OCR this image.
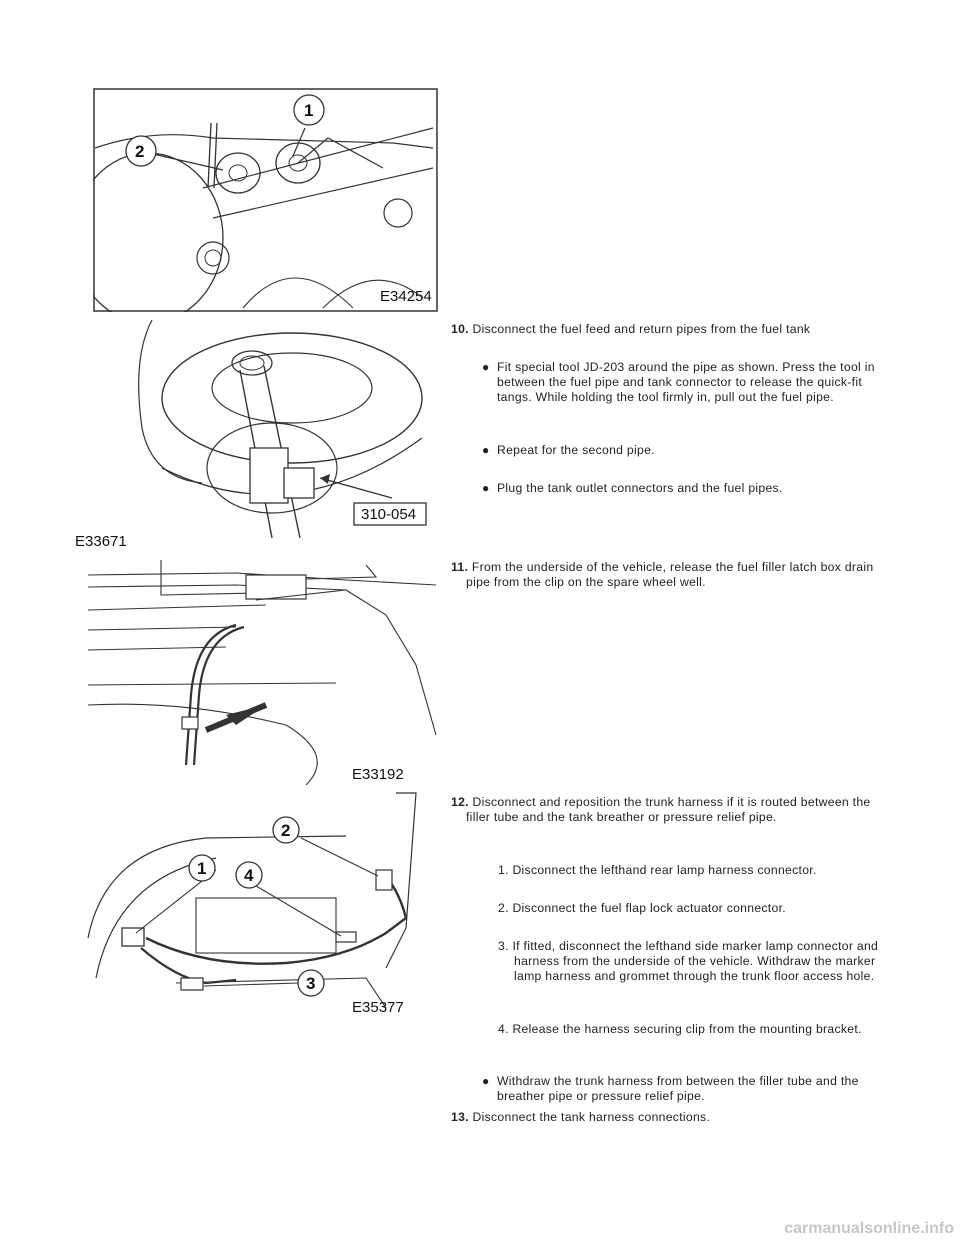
2
1
E34254
310-054
E33671
E33192
1
2
3
4
E35377
10. Disconnect the fuel feed and return pipes from the fuel tank
● Fit special tool JD-203 around the pipe as shown. Press the tool in between the fuel pipe and tank connector to release the quick-fit tangs. While holding the tool firmly in, pull out the fuel pipe.
● Repeat for the second pipe.
● Plug the tank outlet connectors and the fuel pipes.
11. From the underside of the vehicle, release the fuel filler latch box drain pipe from the clip on the spare wheel well.
12. Disconnect and reposition the trunk harness if it is routed between the filler tube and the tank breather or pressure relief pipe.
1. Disconnect the lefthand rear lamp harness connector.
2. Disconnect the fuel flap lock actuator connector.
3. If fitted, disconnect the lefthand side marker lamp connector and harness from the underside of the vehicle. Withdraw the marker lamp harness and grommet through the trunk floor access hole.
4. Release the harness securing clip from the mounting bracket.
● Withdraw the trunk harness from between the filler tube and the breather pipe or pressure relief pipe.
13. Disconnect the tank harness connections.
carmanualsonline.info
